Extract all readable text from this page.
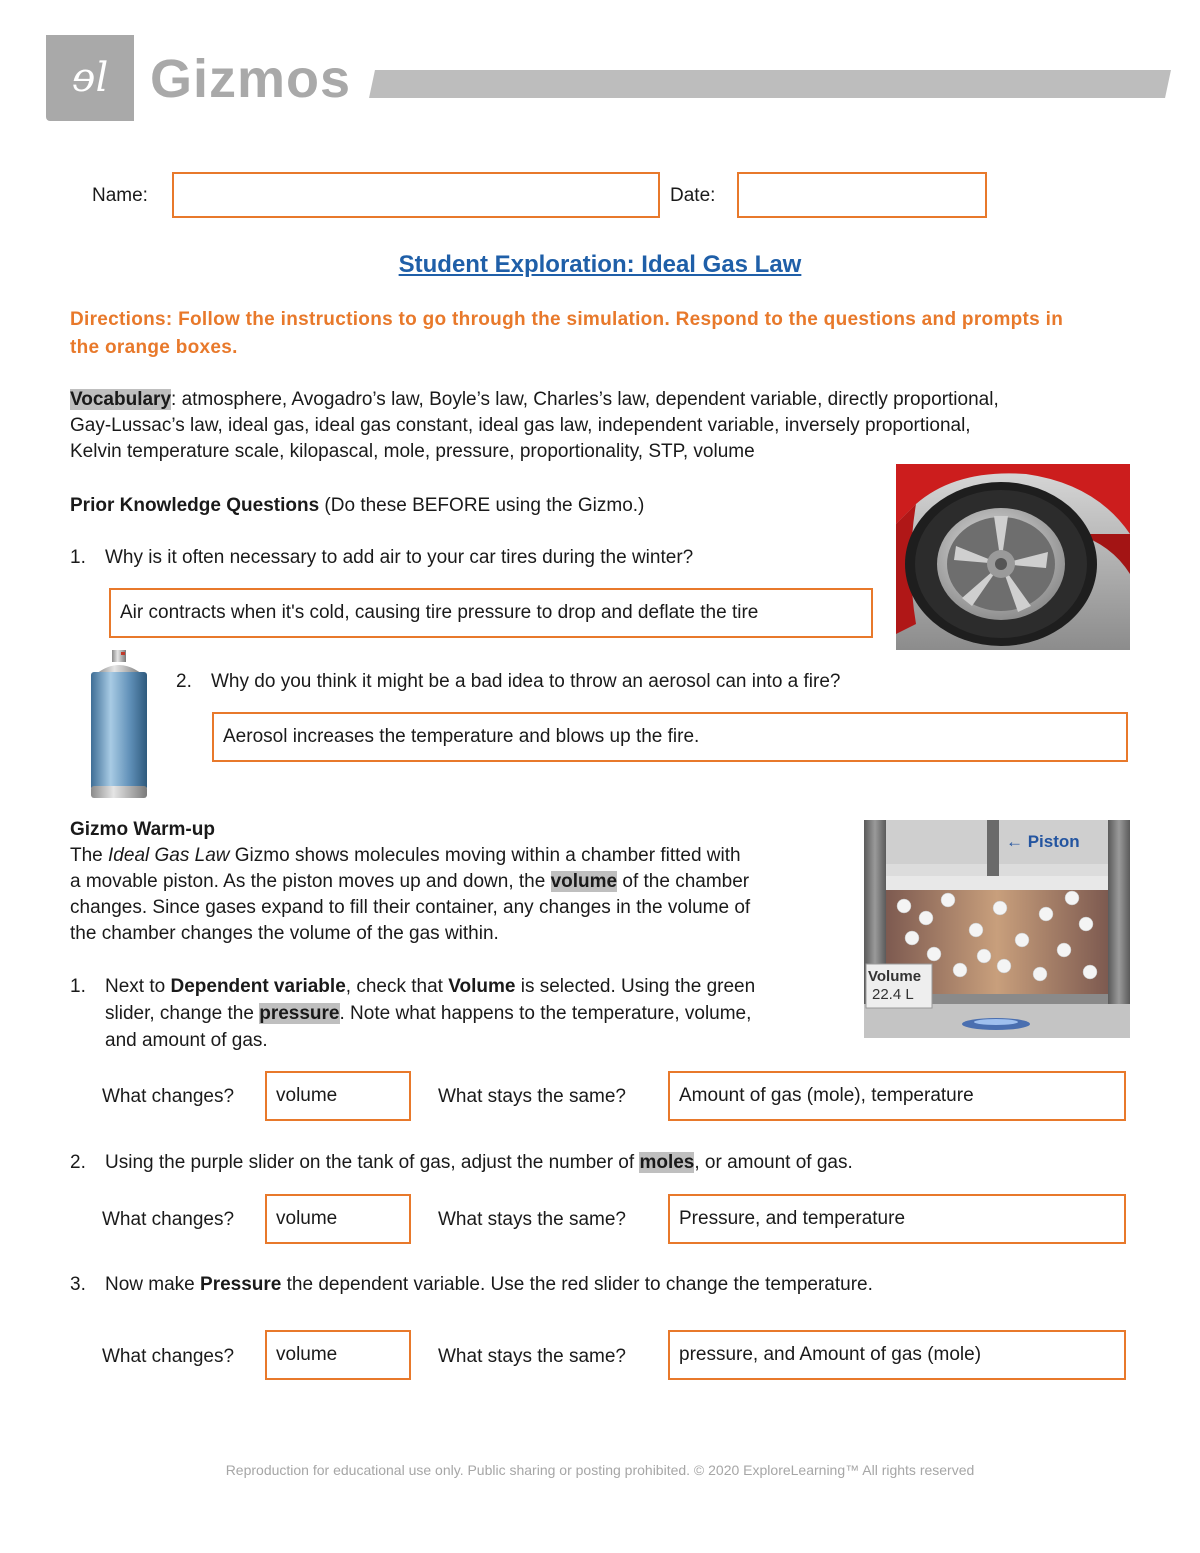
ɘl Gizmos
Name:	Date:
Student Exploration: Ideal Gas Law
Directions: Follow the instructions to go through the simulation. Respond to the questions and prompts in the orange boxes.
Vocabulary: atmosphere, Avogadro’s law, Boyle’s law, Charles’s law, dependent variable, directly proportional,
Gay-Lussac’s law, ideal gas, ideal gas constant, ideal gas law, independent variable, inversely proportional,
Kelvin temperature scale, kilopascal, mole, pressure, proportionality, STP, volume
Prior Knowledge Questions (Do these BEFORE using the Gizmo.)
1. Why is it often necessary to add air to your car tires during the winter?
Air contracts when it's cold, causing tire pressure to drop and deflate the tire
2. Why do you think it might be a bad idea to throw an aerosol can into a fire?
Aerosol increases the temperature and blows up the fire.
Gizmo Warm-up
The Ideal Gas Law Gizmo shows molecules moving within a chamber fitted with
a movable piston. As the piston moves up and down, the volume of the chamber
changes. Since gases expand to fill their container, any changes in the volume of
the chamber changes the volume of the gas within.
← Piston
Volume
22.4 L
1. Next to Dependent variable, check that Volume is selected. Using the green
slider, change the pressure. Note what happens to the temperature, volume,
and amount of gas.
What changes?	volume	What stays the same?	Amount of gas (mole), temperature
2. Using the purple slider on the tank of gas, adjust the number of moles, or amount of gas.
What changes?	volume	What stays the same?	Pressure, and temperature
3. Now make Pressure the dependent variable. Use the red slider to change the temperature.
What changes?	volume	What stays the same?	pressure, and Amount of gas (mole)
Reproduction for educational use only. Public sharing or posting prohibited. © 2020 ExploreLearning™ All rights reserved
